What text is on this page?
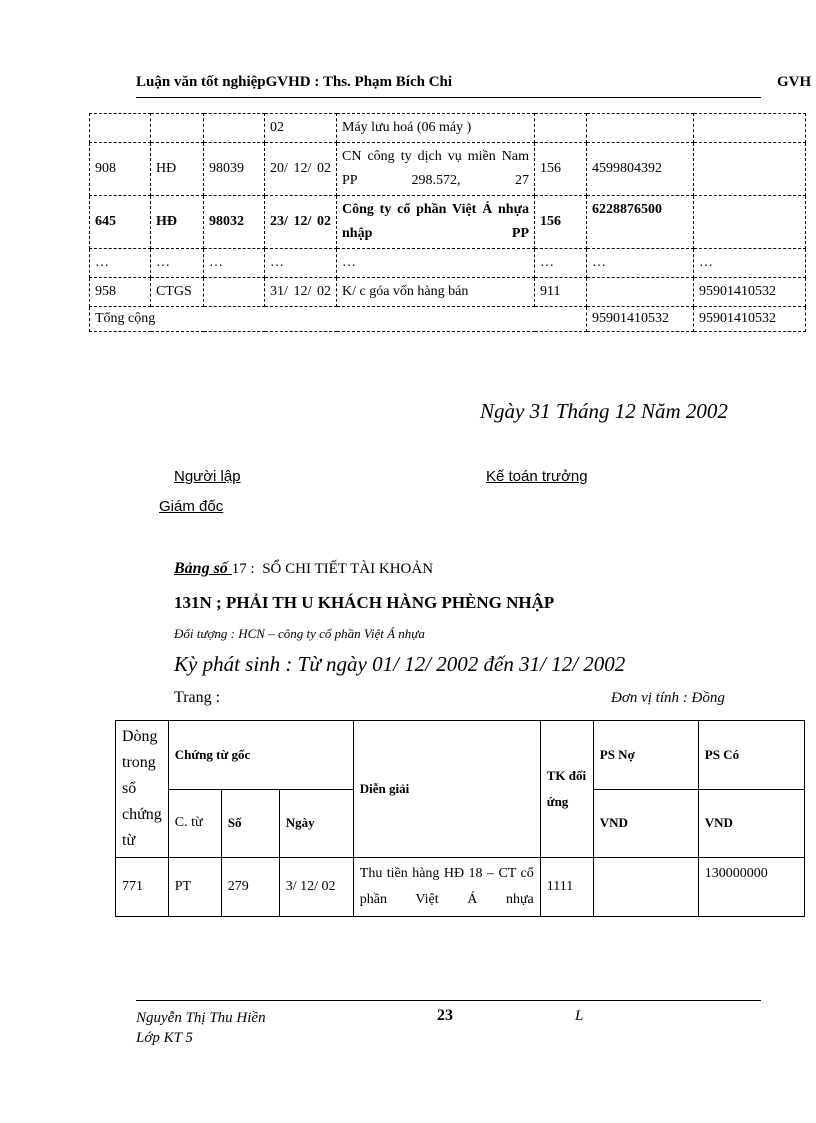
Luận văn tốt nghiệpGVHD : Ths. Phạm Bích Chi	GVH
			02	Máy lưu hoá (06 máy )			
908	HĐ	98039	20/ 12/ 02	CN công ty dịch vụ miền Nam PP 298.572, 27	156	4599804392	
645	HĐ	98032	23/ 12/ 02	Công ty cổ phần Việt Á nhựa nhập PP	156	6228876500	
…	…	…	…	…	…	…	…
958	CTGS		31/ 12/ 02	K/ c góa vốn hàng bán	911		95901410532
Tổng cộng						95901410532	95901410532
Ngày 31 Tháng 12 Năm 2002
Người lập	Kế toán trưởng
Giám đốc
Bảng số 17 : SỔ CHI TIẾT TÀI KHOẢN
131N ; PHẢI TH U KHÁCH HÀNG PHÈNG NHẬP
Đối tượng : HCN – công ty cổ phần Việt Á nhựa
Kỳ phát sinh : Từ ngày 01/ 12/ 2002 đến 31/ 12/ 2002
Trang :	Đơn vị tính : Đồng
Dòng trong sổ chứng từ	Chứng từ gốc			Diễn giải	TK đối ứng	PS Nợ	PS Có
	C. từ	Số	Ngày			VND	VND
771	PT	279	3/ 12/ 02	Thu tiền hàng HĐ 18 – CT cổ phần Việt Á nhựa	1111		130000000
Nguyễn Thị Thu Hiền
Lớp KT 5
23	L
